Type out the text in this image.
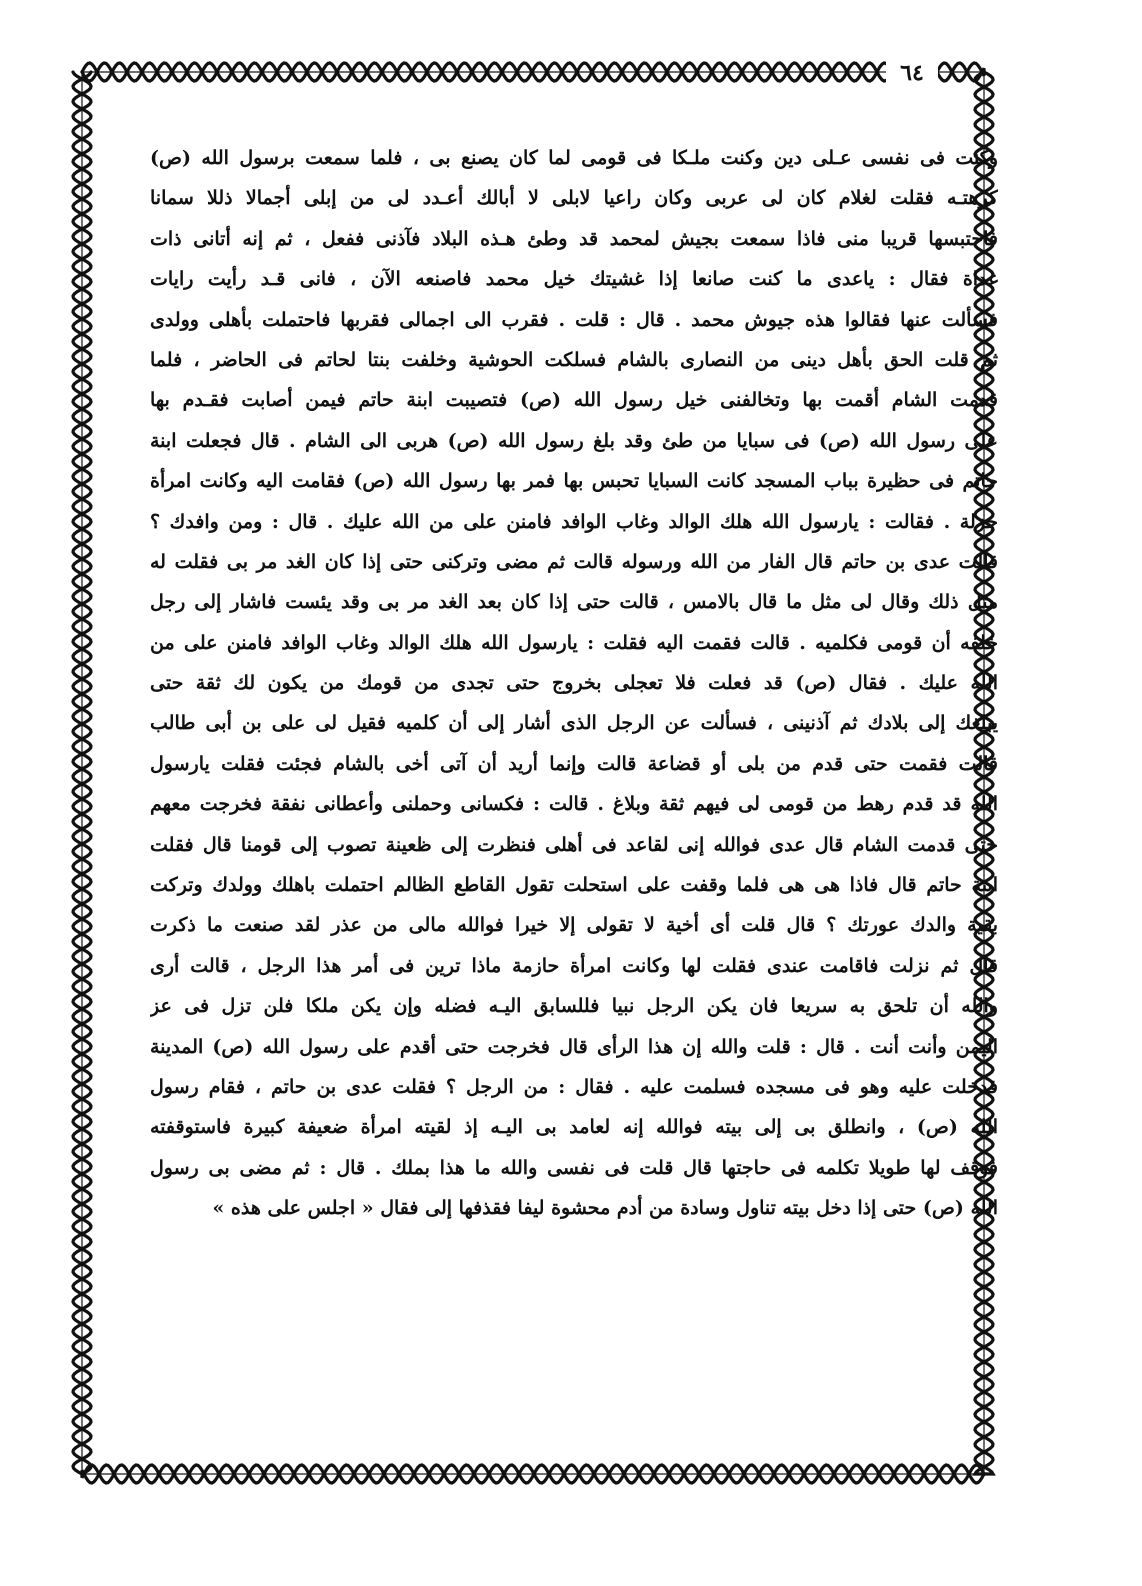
٦٤
وكنت فى نفسى عـلى دين وكنت ملـكا فى قومى لما كان يصنع بى ، فلما سمعت برسول الله (ص)
كرهتـه فقلت لغلام كان لى عربى وكان راعيا لابلى لا أبالك أعـدد لى من إبلى أجمالا ذللا سمانا
فاحتبسها قريبا منى فاذا سمعت بجيش لمحمد قد وطئ هـذه البلاد فآذنى ففعل ، ثم إنه أتانى ذات
غداة فقال : ياعدى ما كنت صانعا إذا غشيتك خيل محمد فاصنعه الآن ، فانى قـد رأيت رايات
فسألت عنها فقالوا هذه جيوش محمد . قال : قلت . فقرب الى اجمالى فقربها فاحتملت بأهلى وولدى
ثم قلت الحق بأهل دينى من النصارى بالشام فسلكت الحوشية وخلفت بنتا لحاتم فى الحاضر ، فلما
قدمت الشام أقمت بها وتخالفنى خيل رسول الله (ص) فتصيبت ابنة حاتم فيمن أصابت فقـدم بها
على رسول الله (ص) فى سبايا من طئ وقد بلغ رسول الله (ص) هربى الى الشام . قال فجعلت ابنة
حاتم فى حظيرة بباب المسجد كانت السبايا تحبس بها فمر بها رسول الله (ص) فقامت اليه وكانت امرأة
جزلة . فقالت : يارسول الله هلك الوالد وغاب الوافد فامنن على من الله عليك . قال : ومن وافدك ؟
قالت عدى بن حاتم قال الفار من الله ورسوله قالت ثم مضى وتركنى حتى إذا كان الغد مر بى فقلت له
مثل ذلك وقال لى مثل ما قال بالامس ، قالت حتى إذا كان بعد الغد مر بى وقد يئست فاشار إلى رجل
خلفه أن قومى فكلميه . قالت فقمت اليه فقلت : يارسول الله هلك الوالد وغاب الوافد فامنن على من
الله عليك . فقال (ص) قد فعلت فلا تعجلى بخروج حتى تجدى من قومك من يكون لك ثقة حتى
يبلغك إلى بلادك ثم آذنينى ، فسألت عن الرجل الذى أشار إلى أن كلميه فقيل لى على بن أبى طالب
قالت فقمت حتى قدم من بلى أو قضاعة قالت وإنما أريد أن آتى أخى بالشام فجئت فقلت يارسول
الله قد قدم رهط من قومى لى فيهم ثقة وبلاغ . قالت : فكسانى وحملنى وأعطانى نفقة فخرجت معهم
حتى قدمت الشام قال عدى فوالله إنى لقاعد فى أهلى فنظرت إلى ظعينة تصوب إلى قومنا قال فقلت
ابنة حاتم قال فاذا هى هى فلما وقفت على استحلت تقول القاطع الظالم احتملت باهلك وولدك وتركت
بقية والدك عورتك ؟ قال قلت أى أخية لا تقولى إلا خيرا فوالله مالى من عذر لقد صنعت ما ذكرت
قال ثم نزلت فاقامت عندى فقلت لها وكانت امرأة حازمة ماذا ترين فى أمر هذا الرجل ، قالت أرى
والله أن تلحق به سريعا فان يكن الرجل نبيا فللسابق اليـه فضله وإن يكن ملكا فلن تزل فى عز
اليمن وأنت أنت . قال : قلت والله إن هذا الرأى قال فخرجت حتى أقدم على رسول الله (ص) المدينة
فدخلت عليه وهو فى مسجده فسلمت عليه . فقال : من الرجل ؟ فقلت عدى بن حاتم ، فقام رسول
الله (ص) ، وانطلق بى إلى بيته فوالله إنه لعامد بى اليـه إذ لقيته امرأة ضعيفة كبيرة فاستوقفته
فوقف لها طويلا تكلمه فى حاجتها قال قلت فى نفسى والله ما هذا بملك . قال : ثم مضى بى رسول
الله (ص) حتى إذا دخل بيته تناول وسادة من أدم محشوة ليفا فقذفها إلى فقال « اجلس على هذه »
